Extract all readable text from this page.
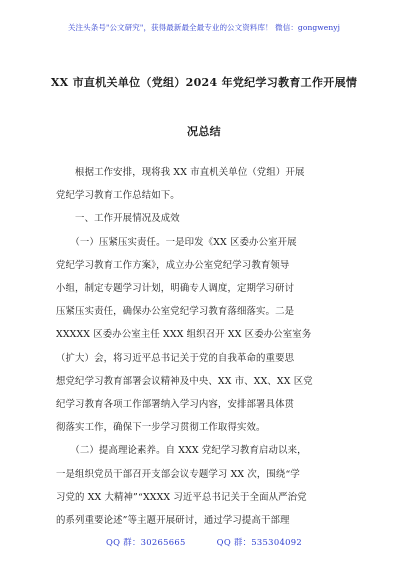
关注头条号"公文研究"，获得最新最全最专业的公文资料库！ 微信：gongwenyj
XX 市直机关单位（党组）2024 年党纪学习教育工作开展情
况总结
　　根据工作安排，现将我 XX 市直机关单位（党组）开展
党纪学习教育工作总结如下。
　　一、工作开展情况及成效
　　（一）压紧压实责任。一是印发《XX 区委办公室开展
党纪学习教育工作方案》，成立办公室党纪学习教育领导
小组，制定专题学习计划，明确专人调度，定期学习研讨
压紧压实责任，确保办公室党纪学习教育落细落实。二是
XXXXX 区委办公室主任 XXX 组织召开 XX 区委办公室室务
（扩大）会，将习近平总书记关于党的自我革命的重要思
想党纪学习教育部署会议精神及中央、XX 市、XX、XX 区党
纪学习教育各项工作部署纳入学习内容，安排部署具体贯
彻落实工作，确保下一步学习贯彻工作取得实效。
　　（二）提高理论素养。自 XXX 党纪学习教育启动以来，
一是组织党员干部召开支部会议专题学习 XX 次，围绕“学
习党的 XX 大精神”“XXXX 习近平总书记关于全面从严治党
的系列重要论述”等主题开展研讨，通过学习提高干部理
QQ 群：30265665	QQ 群：535304092
